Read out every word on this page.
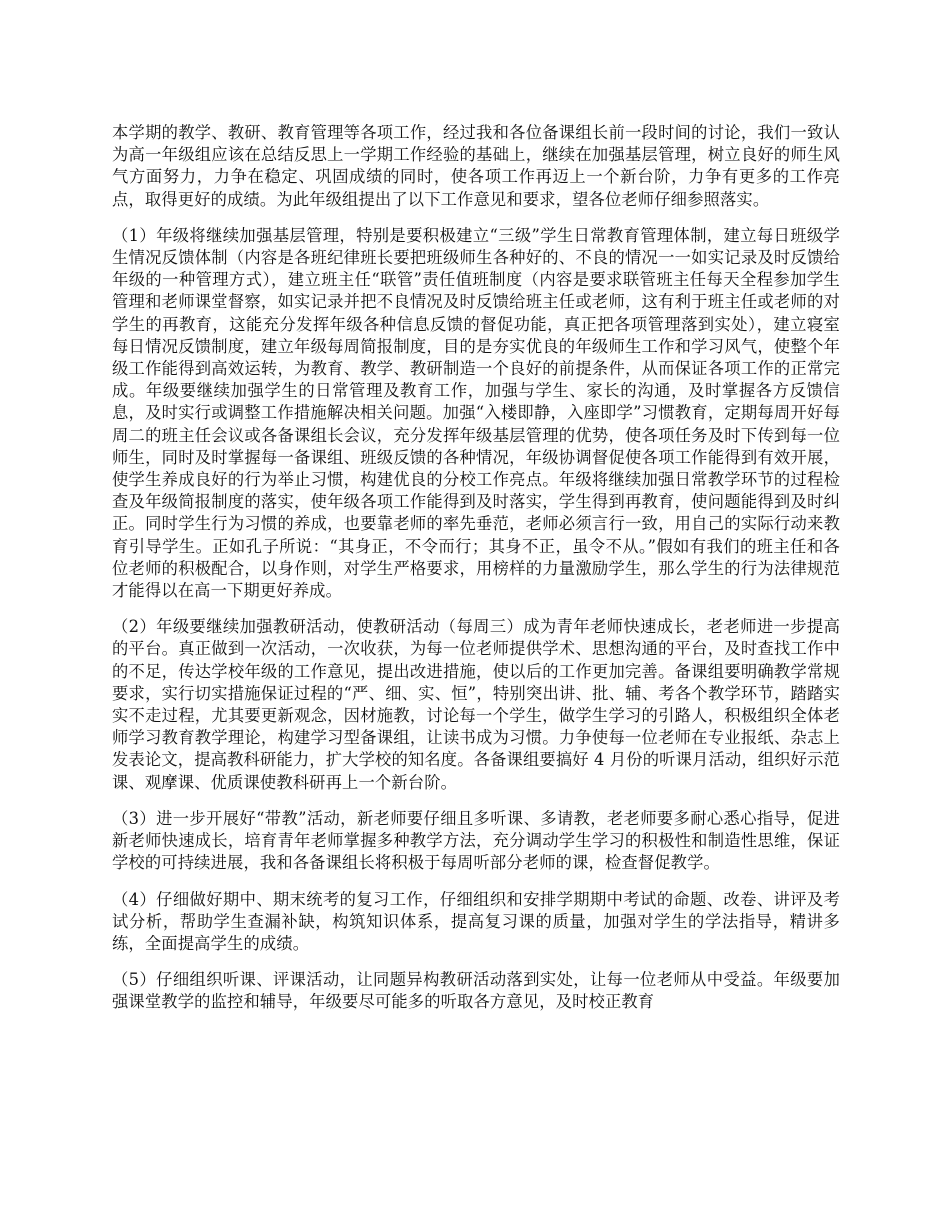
本学期的教学、教研、教育管理等各项工作，经过我和各位备课组长前一段时间的讨论，我们一致认为高一年级组应该在总结反思上一学期工作经验的基础上，继续在加强基层管理，树立良好的师生风气方面努力，力争在稳定、巩固成绩的同时，使各项工作再迈上一个新台阶，力争有更多的工作亮点，取得更好的成绩。为此年级组提出了以下工作意见和要求，望各位老师仔细参照落实。

（1）年级将继续加强基层管理，特别是要积极建立“三级”学生日常教育管理体制，建立每日班级学生情况反馈体制（内容是各班纪律班长要把班级师生各种好的、不良的情况一一如实记录及时反馈给年级的一种管理方式），建立班主任“联管”责任值班制度（内容是要求联管班主任每天全程参加学生管理和老师课堂督察，如实记录并把不良情况及时反馈给班主任或老师，这有利于班主任或老师的对学生的再教育，这能充分发挥年级各种信息反馈的督促功能，真正把各项管理落到实处），建立寝室每日情况反馈制度，建立年级每周简报制度，目的是夯实优良的年级师生工作和学习风气，使整个年级工作能得到高效运转，为教育、教学、教研制造一个良好的前提条件，从而保证各项工作的正常完成。年级要继续加强学生的日常管理及教育工作，加强与学生、家长的沟通，及时掌握各方反馈信息，及时实行或调整工作措施解决相关问题。加强“入楼即静，入座即学”习惯教育，定期每周开好每周二的班主任会议或各备课组长会议，充分发挥年级基层管理的优势，使各项任务及时下传到每一位师生，同时及时掌握每一备课组、班级反馈的各种情况，年级协调督促使各项工作能得到有效开展，使学生养成良好的行为举止习惯，构建优良的分校工作亮点。年级将继续加强日常教学环节的过程检查及年级简报制度的落实，使年级各项工作能得到及时落实，学生得到再教育，使问题能得到及时纠正。同时学生行为习惯的养成，也要靠老师的率先垂范，老师必须言行一致，用自己的实际行动来教育引导学生。正如孔子所说：“其身正，不令而行；其身不正，虽令不从。”假如有我们的班主任和各位老师的积极配合，以身作则，对学生严格要求，用榜样的力量激励学生，那么学生的行为法律规范才能得以在高一下期更好养成。

（2）年级要继续加强教研活动，使教研活动（每周三）成为青年老师快速成长，老老师进一步提高的平台。真正做到一次活动，一次收获，为每一位老师提供学术、思想沟通的平台，及时查找工作中的不足，传达学校年级的工作意见，提出改进措施，使以后的工作更加完善。备课组要明确教学常规要求，实行切实措施保证过程的“严、细、实、恒”，特别突出讲、批、辅、考各个教学环节，踏踏实实不走过程，尤其要更新观念，因材施教，讨论每一个学生，做学生学习的引路人，积极组织全体老师学习教育教学理论，构建学习型备课组，让读书成为习惯。力争使每一位老师在专业报纸、杂志上发表论文，提高教科研能力，扩大学校的知名度。各备课组要搞好 4 月份的听课月活动，组织好示范课、观摩课、优质课使教科研再上一个新台阶。

（3）进一步开展好“带教”活动，新老师要仔细且多听课、多请教，老老师要多耐心悉心指导，促进新老师快速成长，培育青年老师掌握多种教学方法，充分调动学生学习的积极性和制造性思维，保证学校的可持续进展，我和各备课组长将积极于每周听部分老师的课，检查督促教学。

（4）仔细做好期中、期末统考的复习工作，仔细组织和安排学期期中考试的命题、改卷、讲评及考试分析，帮助学生查漏补缺，构筑知识体系，提高复习课的质量，加强对学生的学法指导，精讲多练，全面提高学生的成绩。

（5）仔细组织听课、评课活动，让同题异构教研活动落到实处，让每一位老师从中受益。年级要加强课堂教学的监控和辅导，年级要尽可能多的听取各方意见，及时校正教育
